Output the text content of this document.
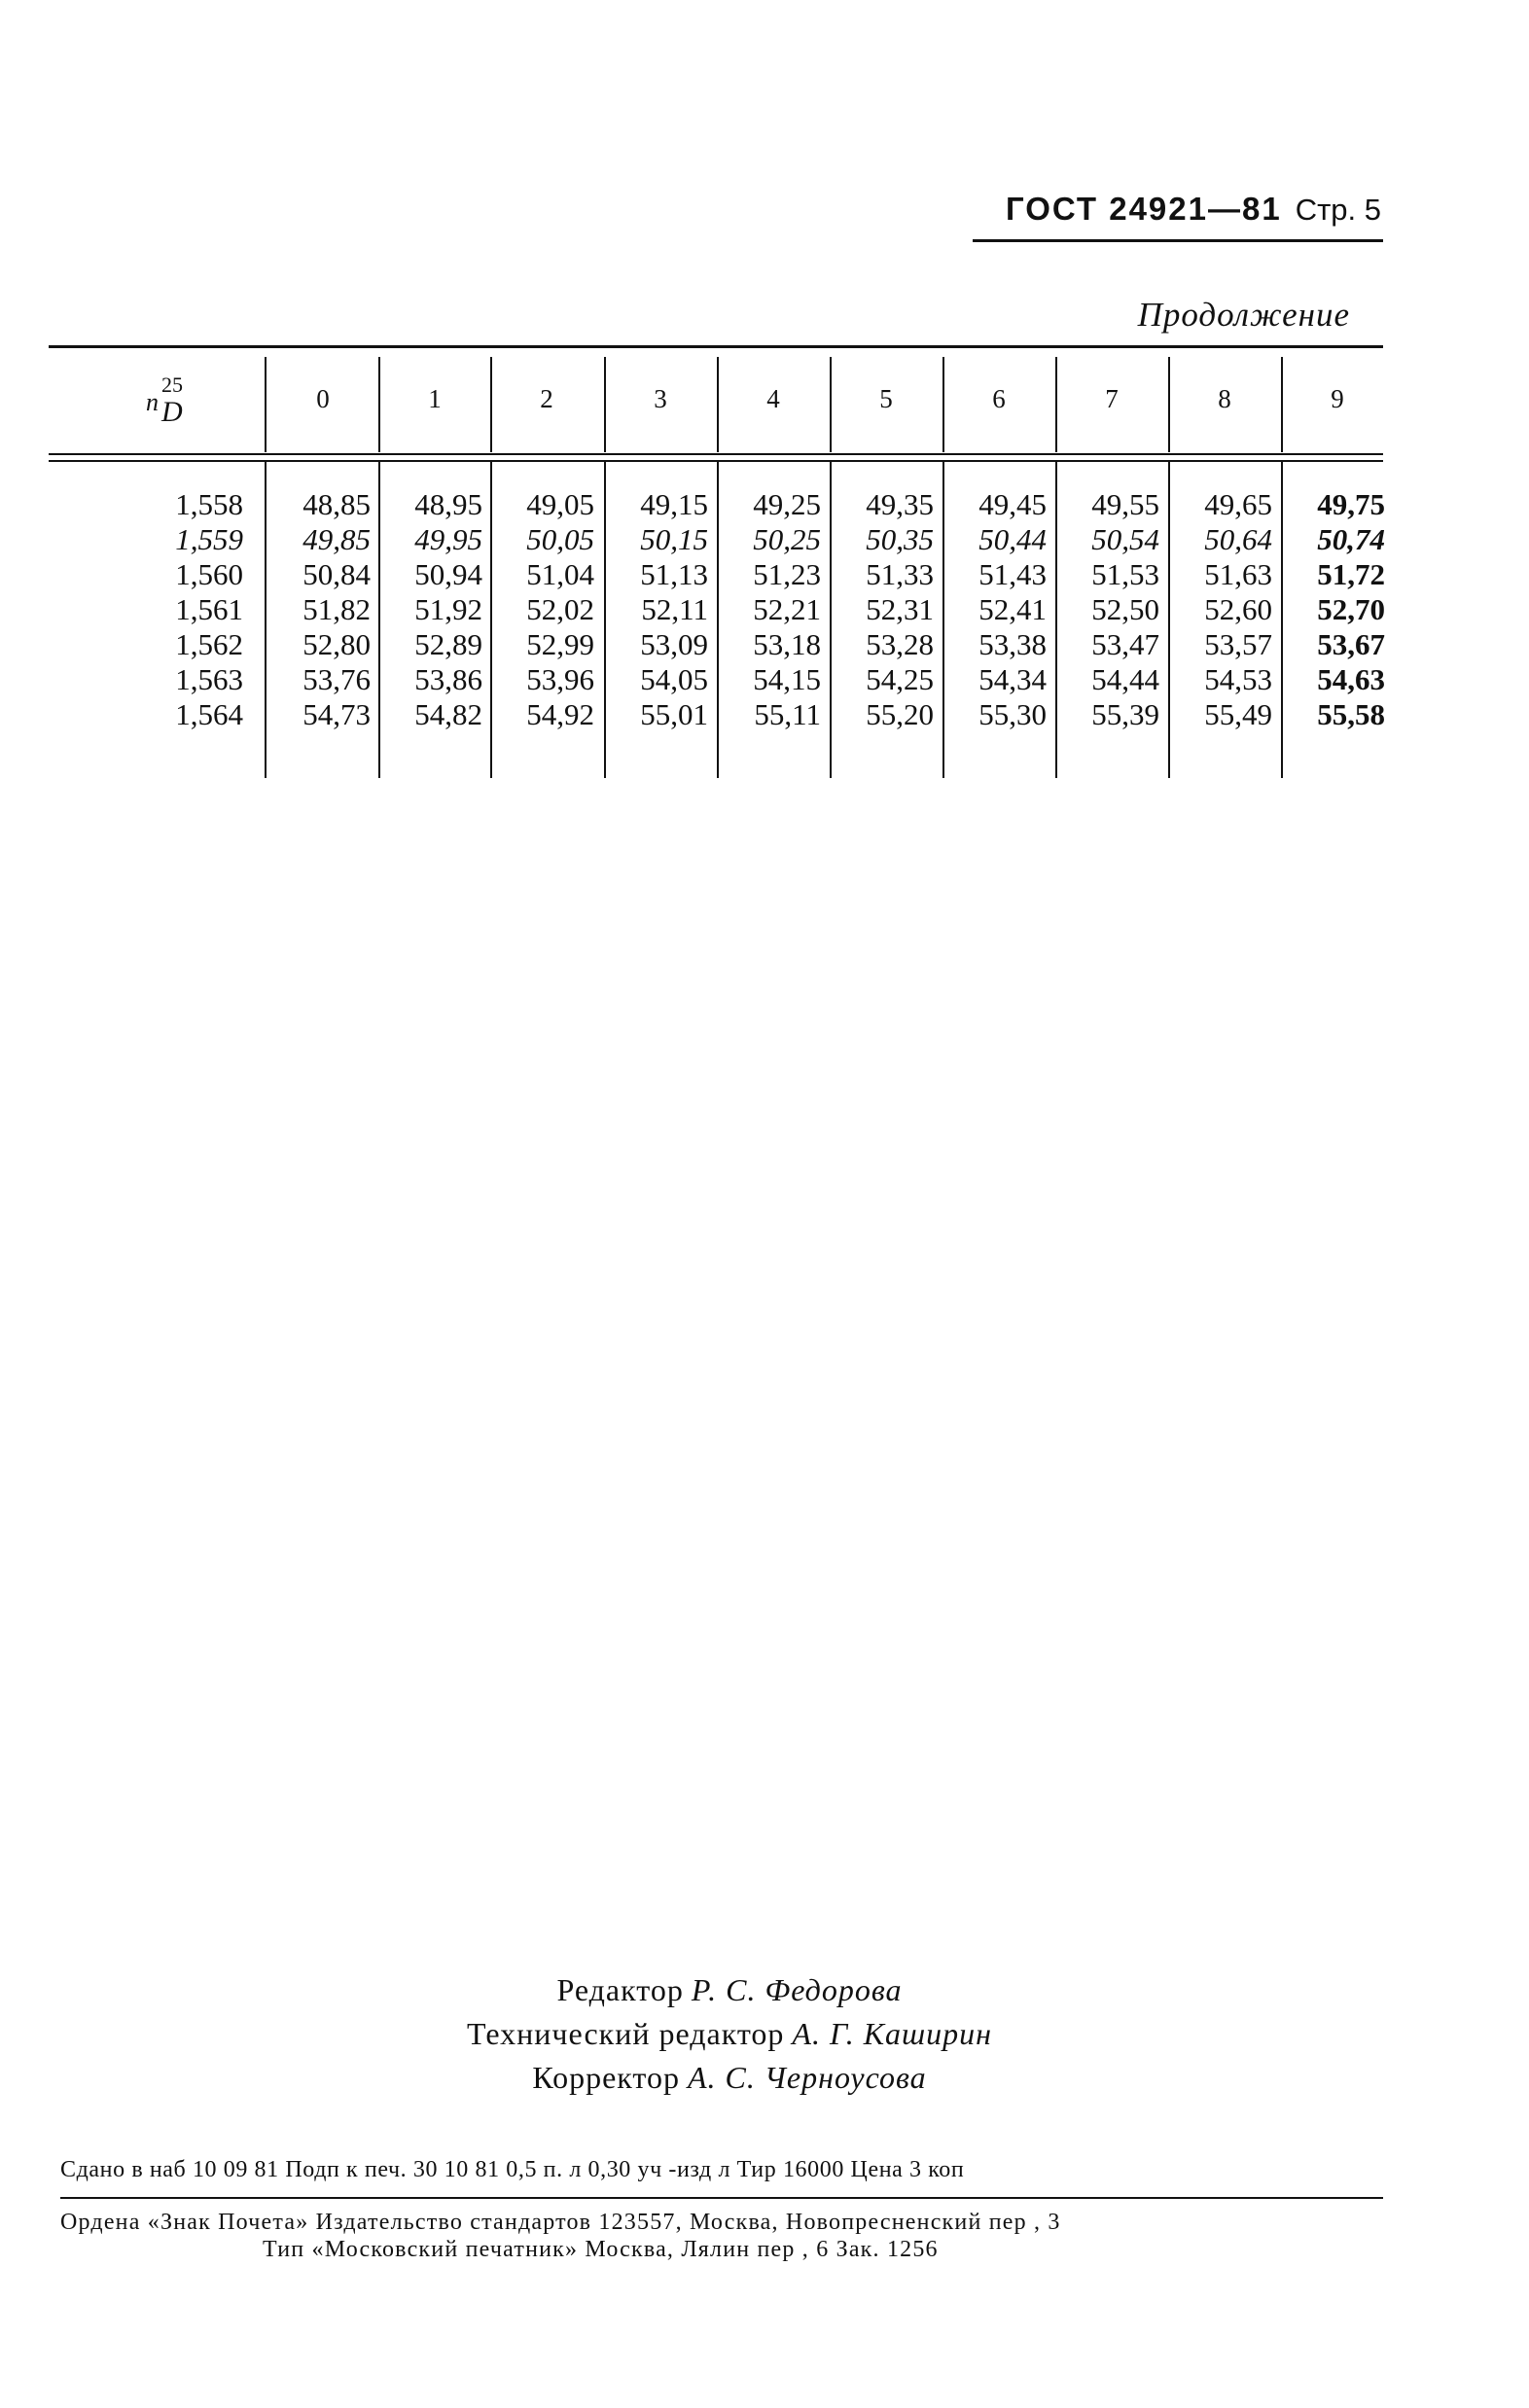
ГОСТ 24921—81 Стр. 5
Продолжение
n
25
D	0	1	2	3	4	5	6	7	8	9
1,558	48,85	48,95	49,05	49,15	49,25	49,35	49,45	49,55	49,65	49,75
1,559	49,85	49,95	50,05	50,15	50,25	50,35	50,44	50,54	50,64	50,74
1,560	50,84	50,94	51,04	51,13	51,23	51,33	51,43	51,53	51,63	51,72
1,561	51,82	51,92	52,02	52,11	52,21	52,31	52,41	52,50	52,60	52,70
1,562	52,80	52,89	52,99	53,09	53,18	53,28	53,38	53,47	53,57	53,67
1,563	53,76	53,86	53,96	54,05	54,15	54,25	54,34	54,44	54,53	54,63
1,564	54,73	54,82	54,92	55,01	55,11	55,20	55,30	55,39	55,49	55,58
Редактор Р. С. Федорова
Технический редактор А. Г. Каширин
Корректор А. С. Черноусова
Сдано в наб 10 09 81 Подп к печ. 30 10 81 0,5 п. л 0,30 уч -изд л Тир 16000 Цена 3 коп
Ордена «Знак Почета» Издательство стандартов 123557, Москва, Новопресненский пер , 3
Тип «Московский печатник» Москва, Лялин пер , 6 Зак. 1256
